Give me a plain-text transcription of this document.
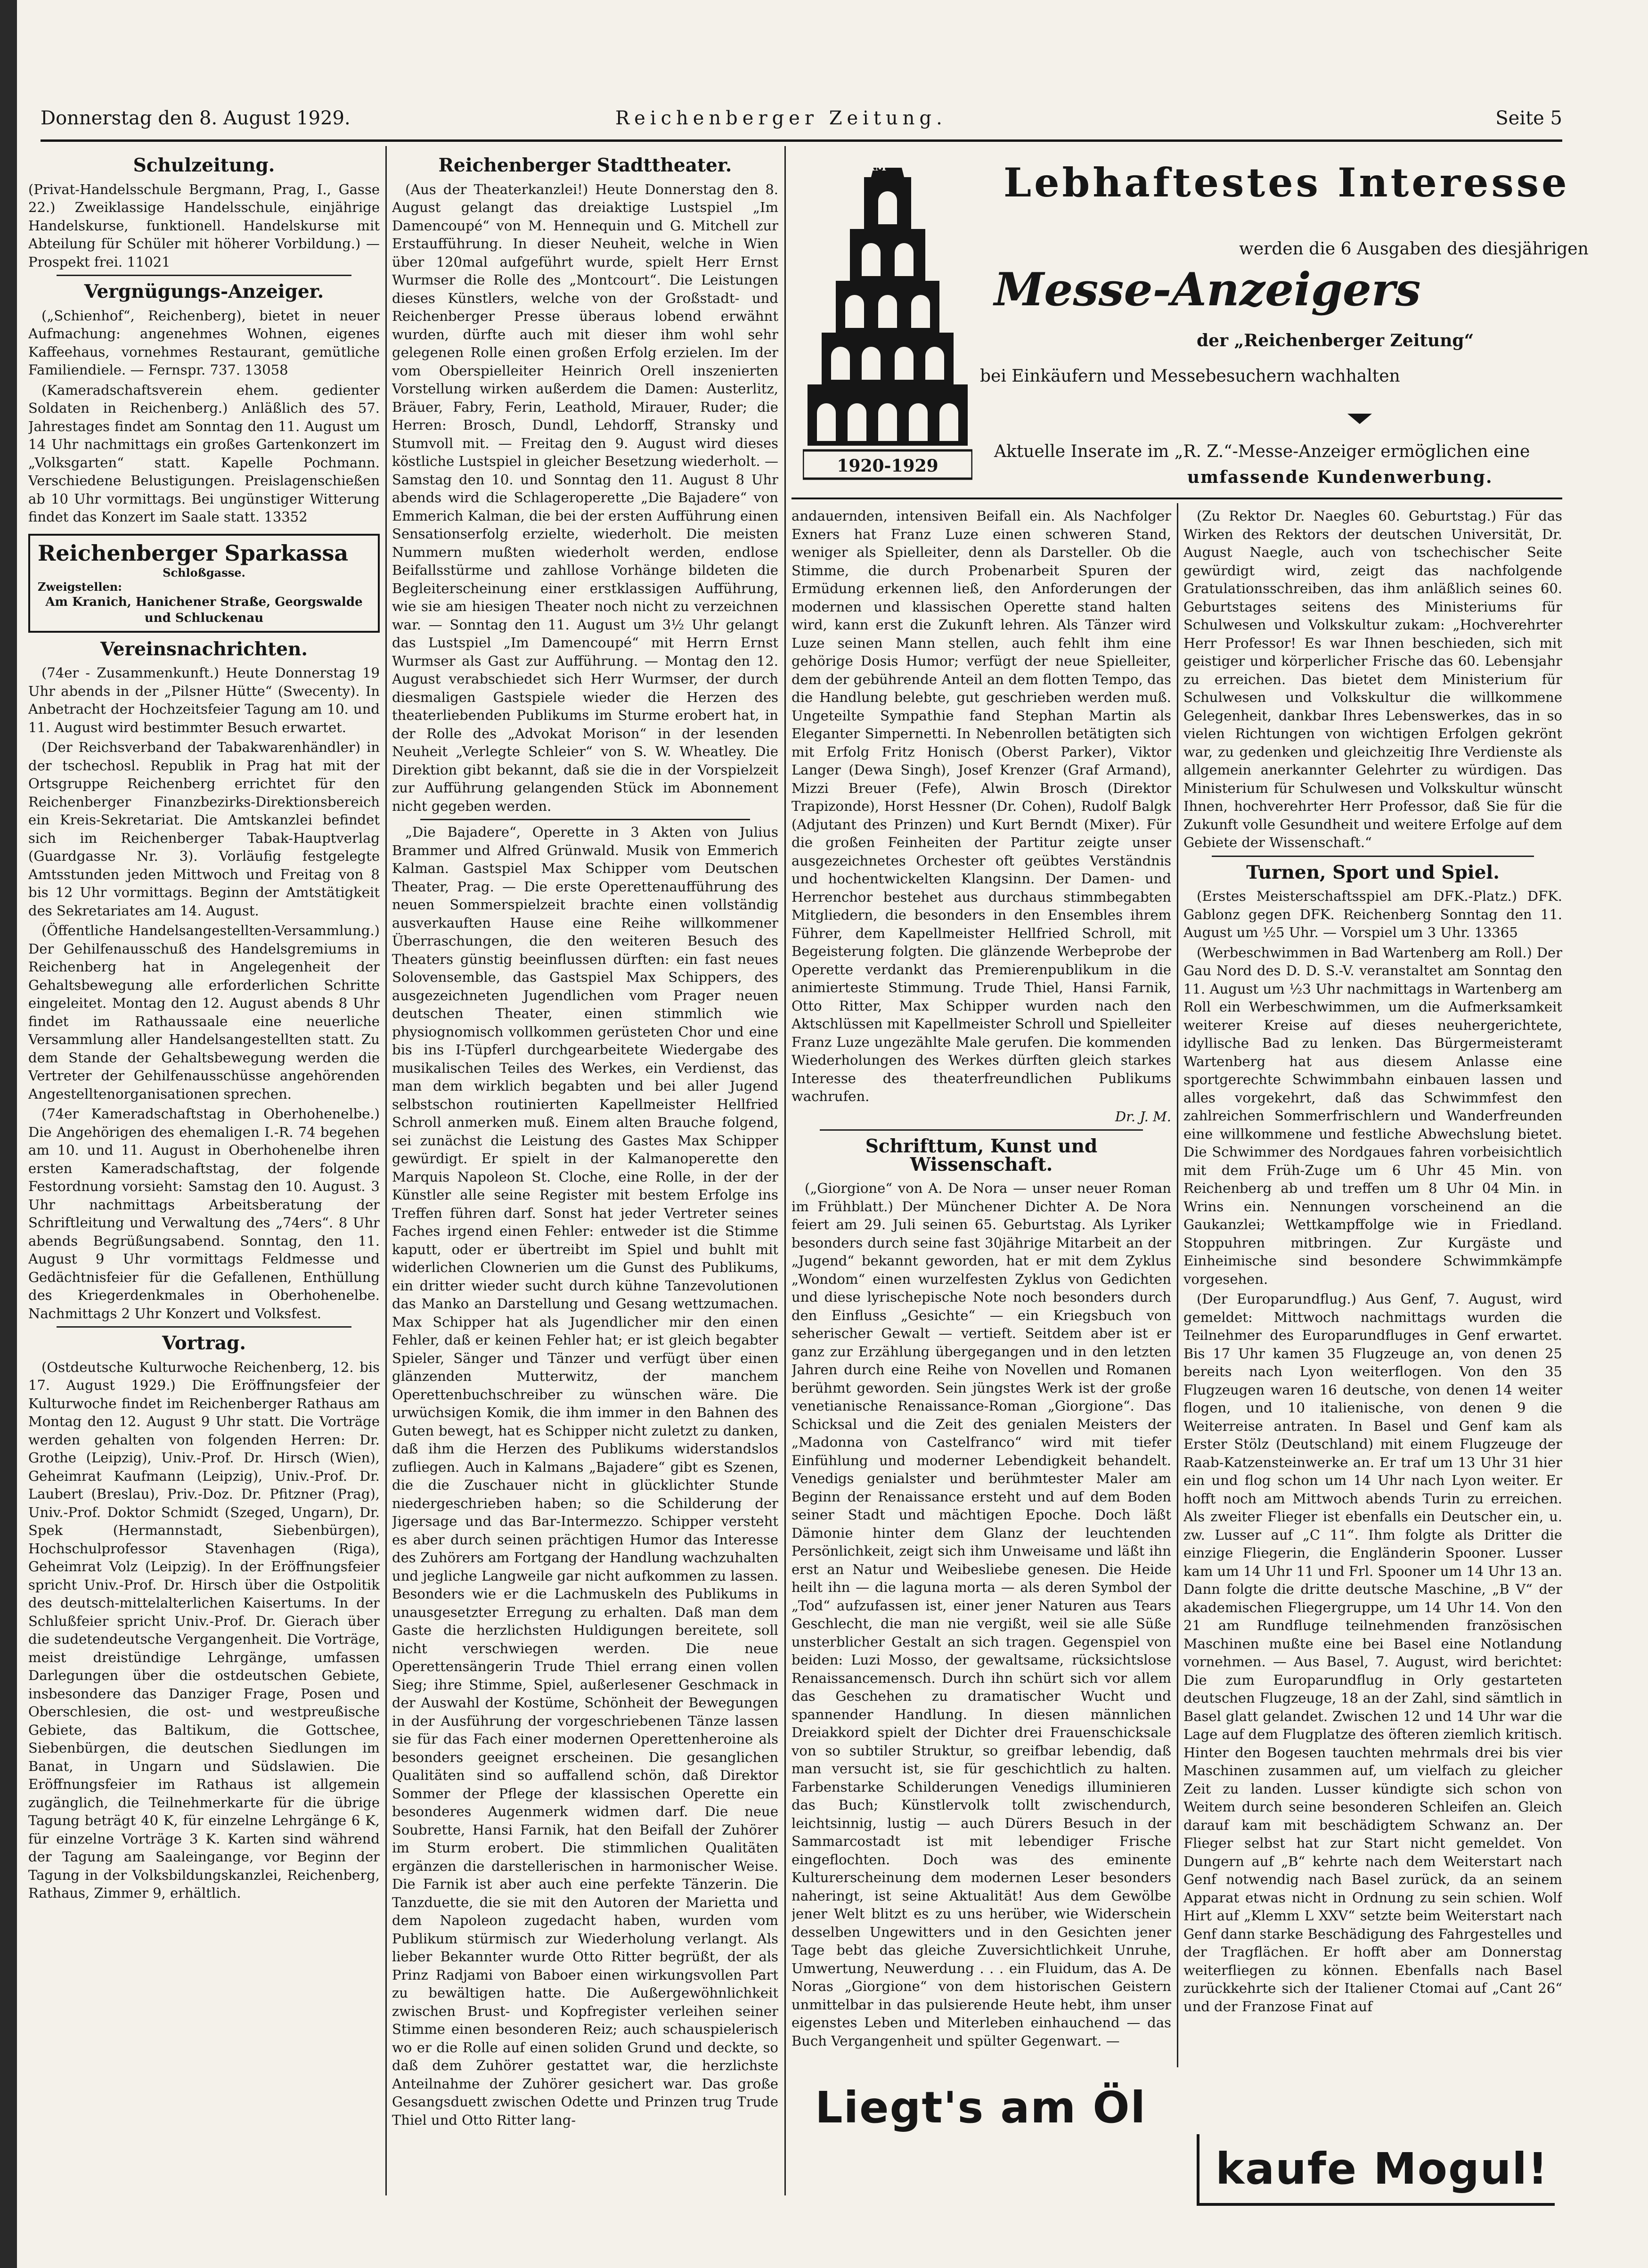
Donnerstag den 8. August 1929.	Reichenberger Zeitung.	Seite 5
Schulzeitung.

(Privat-Handelsschule Bergmann, Prag, I., Gasse 22.) Zweiklassige Handelsschule, einjährige Handelskurse, funktionell. Handelskurse mit Abteilung für Schüler mit höherer Vorbildung.) — Prospekt frei. 11021

Vergnügungs-Anzeiger.

(„Schienhof“, Reichenberg), bietet in neuer Aufmachung: angenehmes Wohnen, eigenes Kaffeehaus, vornehmes Restaurant, gemütliche Familiendiele. — Fernspr. 737. 13058

(Kameradschaftsverein ehem. gedienter Soldaten in Reichenberg.) Anläßlich des 57. Jahrestages findet am Sonntag den 11. August um 14 Uhr nachmittags ein großes Gartenkonzert im „Volksgarten“ statt. Kapelle Pochmann. Verschiedene Belustigungen. Preislagenschießen ab 10 Uhr vormittags. Bei ungünstiger Witterung findet das Konzert im Saale statt. 13352

Reichenberger Sparkassa
Schloßgasse.
Zweigstellen:
Am Kranich, Hanichener Straße, Georgswalde und Schluckenau
Vereinsnachrichten.

(74er - Zusammenkunft.) Heute Donnerstag 19 Uhr abends in der „Pilsner Hütte“ (Swecenty). In Anbetracht der Hochzeitsfeier Tagung am 10. und 11. August wird bestimmter Besuch erwartet.

(Der Reichsverband der Tabakwarenhändler) in der tschechosl. Republik in Prag hat mit der Ortsgruppe Reichenberg errichtet für den Reichenberger Finanzbezirks-Direktionsbereich ein Kreis-Sekretariat. Die Amtskanzlei befindet sich im Reichenberger Tabak-Hauptverlag (Guardgasse Nr. 3). Vorläufig festgelegte Amtsstunden jeden Mittwoch und Freitag von 8 bis 12 Uhr vormittags. Beginn der Amtstätigkeit des Sekretariates am 14. August.

(Öffentliche Handelsangestellten-Versammlung.) Der Gehilfenausschuß des Handelsgremiums in Reichenberg hat in Angelegenheit der Gehaltsbewegung alle erforderlichen Schritte eingeleitet. Montag den 12. August abends 8 Uhr findet im Rathaussaale eine neuerliche Versammlung aller Handelsangestellten statt. Zu dem Stande der Gehaltsbewegung werden die Vertreter der Gehilfenausschüsse angehörenden Angestelltenorganisationen sprechen.

(74er Kameradschaftstag in Oberhohenelbe.) Die Angehörigen des ehemaligen I.-R. 74 begehen am 10. und 11. August in Oberhohenelbe ihren ersten Kameradschaftstag, der folgende Festordnung vorsieht: Samstag den 10. August. 3 Uhr nachmittags Arbeitsberatung der Schriftleitung und Verwaltung des „74ers“. 8 Uhr abends Begrüßungsabend. Sonntag, den 11. August 9 Uhr vormittags Feldmesse und Gedächtnisfeier für die Gefallenen, Enthüllung des Kriegerdenkmales in Oberhohenelbe. Nachmittags 2 Uhr Konzert und Volksfest.

Vortrag.

(Ostdeutsche Kulturwoche Reichenberg, 12. bis 17. August 1929.) Die Eröffnungsfeier der Kulturwoche findet im Reichenberger Rathaus am Montag den 12. August 9 Uhr statt. Die Vorträge werden gehalten von folgenden Herren: Dr. Grothe (Leipzig), Univ.-Prof. Dr. Hirsch (Wien), Geheimrat Kaufmann (Leipzig), Univ.-Prof. Dr. Laubert (Breslau), Priv.-Doz. Dr. Pfitzner (Prag), Univ.-Prof. Doktor Schmidt (Szeged, Ungarn), Dr. Spek (Hermannstadt, Siebenbürgen), Hochschulprofessor Stavenhagen (Riga), Geheimrat Volz (Leipzig). In der Eröffnungsfeier spricht Univ.-Prof. Dr. Hirsch über die Ostpolitik des deutsch-mittelalterlichen Kaisertums. In der Schlußfeier spricht Univ.-Prof. Dr. Gierach über die sudetendeutsche Vergangenheit. Die Vorträge, meist dreistündige Lehrgänge, umfassen Darlegungen über die ostdeutschen Gebiete, insbesondere das Danziger Frage, Posen und Oberschlesien, die ost- und westpreußische Gebiete, das Baltikum, die Gottschee, Siebenbürgen, die deutschen Siedlungen im Banat, in Ungarn und Südslawien. Die Eröffnungsfeier im Rathaus ist allgemein zugänglich, die Teilnehmerkarte für die übrige Tagung beträgt 40 K, für einzelne Lehrgänge 6 K, für einzelne Vorträge 3 K. Karten sind während der Tagung am Saaleingange, vor Beginn der Tagung in der Volksbildungskanzlei, Reichenberg, Rathaus, Zimmer 9, erhältlich.

Reichenberger Stadttheater.

(Aus der Theaterkanzlei!) Heute Donnerstag den 8. August gelangt das dreiaktige Lustspiel „Im Damencoupé“ von M. Hennequin und G. Mitchell zur Erstaufführung. In dieser Neuheit, welche in Wien über 120mal aufgeführt wurde, spielt Herr Ernst Wurmser die Rolle des „Montcourt“. Die Leistungen dieses Künstlers, welche von der Großstadt- und Reichenberger Presse überaus lobend erwähnt wurden, dürfte auch mit dieser ihm wohl sehr gelegenen Rolle einen großen Erfolg erzielen. Im der vom Oberspielleiter Heinrich Orell inszenierten Vorstellung wirken außerdem die Damen: Austerlitz, Bräuer, Fabry, Ferin, Leathold, Mirauer, Ruder; die Herren: Brosch, Dundl, Lehdorff, Stransky und Stumvoll mit. — Freitag den 9. August wird dieses köstliche Lustspiel in gleicher Besetzung wiederholt. — Samstag den 10. und Sonntag den 11. August 8 Uhr abends wird die Schlageroperette „Die Bajadere“ von Emmerich Kalman, die bei der ersten Aufführung einen Sensationserfolg erzielte, wiederholt. Die meisten Nummern mußten wiederholt werden, endlose Beifallsstürme und zahllose Vorhänge bildeten die Begleiterscheinung einer erstklassigen Aufführung, wie sie am hiesigen Theater noch nicht zu verzeichnen war. — Sonntag den 11. August um 3½ Uhr gelangt das Lustspiel „Im Damencoupé“ mit Herrn Ernst Wurmser als Gast zur Aufführung. — Montag den 12. August verabschiedet sich Herr Wurmser, der durch diesmaligen Gastspiele wieder die Herzen des theaterliebenden Publikums im Sturme erobert hat, in der Rolle des „Advokat Morison“ in der lesenden Neuheit „Verlegte Schleier“ von S. W. Wheatley. Die Direktion gibt bekannt, daß sie die in der Vorspielzeit zur Aufführung gelangenden Stück im Abonnement nicht gegeben werden.

„Die Bajadere“, Operette in 3 Akten von Julius Brammer und Alfred Grünwald. Musik von Emmerich Kalman. Gastspiel Max Schipper vom Deutschen Theater, Prag. — Die erste Operettenaufführung des neuen Sommerspielzeit brachte einen vollständig ausverkauften Hause eine Reihe willkommener Überraschungen, die den weiteren Besuch des Theaters günstig beeinflussen dürften: ein fast neues Solovensemble, das Gastspiel Max Schippers, des ausgezeichneten Jugendlichen vom Prager neuen deutschen Theater, einen stimmlich wie physiognomisch vollkommen gerüsteten Chor und eine bis ins I-Tüpferl durchgearbeitete Wiedergabe des musikalischen Teiles des Werkes, ein Verdienst, das man dem wirklich begabten und bei aller Jugend selbstschon routinierten Kapellmeister Hellfried Schroll anmerken muß. Einem alten Brauche folgend, sei zunächst die Leistung des Gastes Max Schipper gewürdigt. Er spielt in der Kalmanoperette den Marquis Napoleon St. Cloche, eine Rolle, in der der Künstler alle seine Register mit bestem Erfolge ins Treffen führen darf. Sonst hat jeder Vertreter seines Faches irgend einen Fehler: entweder ist die Stimme kaputt, oder er übertreibt im Spiel und buhlt mit widerlichen Clownerien um die Gunst des Publikums, ein dritter wieder sucht durch kühne Tanzevolutionen das Manko an Darstellung und Gesang wettzumachen. Max Schipper hat als Jugendlicher mir den einen Fehler, daß er keinen Fehler hat; er ist gleich begabter Spieler, Sänger und Tänzer und verfügt über einen glänzenden Mutterwitz, der manchem Operettenbuchschreiber zu wünschen wäre. Die urwüchsigen Komik, die ihm immer in den Bahnen des Guten bewegt, hat es Schipper nicht zuletzt zu danken, daß ihm die Herzen des Publikums widerstandslos zufliegen. Auch in Kalmans „Bajadere“ gibt es Szenen, die die Zuschauer nicht in glücklichter Stunde niedergeschrieben haben; so die Schilderung der Jigersage und das Bar-Intermezzo. Schipper versteht es aber durch seinen prächtigen Humor das Interesse des Zuhörers am Fortgang der Handlung wachzuhalten und jegliche Langweile gar nicht aufkommen zu lassen. Besonders wie er die Lachmuskeln des Publikums in unausgesetzter Erregung zu erhalten. Daß man dem Gaste die herzlichsten Huldigungen bereitete, soll nicht verschwiegen werden. Die neue Operettensängerin Trude Thiel errang einen vollen Sieg; ihre Stimme, Spiel, außerlesener Geschmack in der Auswahl der Kostüme, Schönheit der Bewegungen in der Ausführung der vorgeschriebenen Tänze lassen sie für das Fach einer modernen Operettenheroine als besonders geeignet erscheinen. Die gesanglichen Qualitäten sind so auffallend schön, daß Direktor Sommer der Pflege der klassischen Operette ein besonderes Augenmerk widmen darf. Die neue Soubrette, Hansi Farnik, hat den Beifall der Zuhörer im Sturm erobert. Die stimmlichen Qualitäten ergänzen die darstellerischen in harmonischer Weise. Die Farnik ist aber auch eine perfekte Tänzerin. Die Tanzduette, die sie mit den Autoren der Marietta und dem Napoleon zugedacht haben, wurden vom Publikum stürmisch zur Wiederholung verlangt. Als lieber Bekannter wurde Otto Ritter begrüßt, der als Prinz Radjami von Baboer einen wirkungsvollen Part zu bewältigen hatte. Die Außergewöhnlichkeit zwischen Brust- und Kopfregister verleihen seiner Stimme einen besonderen Reiz; auch schauspielerisch wo er die Rolle auf einen soliden Grund und deckte, so daß dem Zuhörer gestattet war, die herzlichste Anteilnahme der Zuhörer gesichert war. Das große Gesangsduett zwischen Odette und Prinzen trug Trude Thiel und Otto Ritter lang-

RM
1920-1929
Lebhaftestes Interesse
werden die 6 Ausgaben des diesjährigen
Messe-Anzeigers
der „Reichenberger Zeitung“
bei Einkäufern und Messebesuchern wachhalten
Aktuelle Inserate im „R. Z.“-Messe-Anzeiger ermöglichen eine
umfassende Kundenwerbung.

andauernden, intensiven Beifall ein. Als Nachfolger Exners hat Franz Luze einen schweren Stand, weniger als Spielleiter, denn als Darsteller. Ob die Stimme, die durch Probenarbeit Spuren der Ermüdung erkennen ließ, den Anforderungen der modernen und klassischen Operette stand halten wird, kann erst die Zukunft lehren. Als Tänzer wird Luze seinen Mann stellen, auch fehlt ihm eine gehörige Dosis Humor; verfügt der neue Spielleiter, dem der gebührende Anteil an dem flotten Tempo, das die Handlung belebte, gut geschrieben werden muß. Ungeteilte Sympathie fand Stephan Martin als Eleganter Simpernetti. In Nebenrollen betätigten sich mit Erfolg Fritz Honisch (Oberst Parker), Viktor Langer (Dewa Singh), Josef Krenzer (Graf Armand), Mizzi Breuer (Fefe), Alwin Brosch (Direktor Trapizonde), Horst Hessner (Dr. Cohen), Rudolf Balgk (Adjutant des Prinzen) und Kurt Berndt (Mixer). Für die großen Feinheiten der Partitur zeigte unser ausgezeichnetes Orchester oft geübtes Verständnis und hochentwickelten Klangsinn. Der Damen- und Herrenchor bestehet aus durchaus stimmbegabten Mitgliedern, die besonders in den Ensembles ihrem Führer, dem Kapellmeister Hellfried Schroll, mit Begeisterung folgten. Die glänzende Werbeprobe der Operette verdankt das Premierenpublikum in die animierteste Stimmung. Trude Thiel, Hansi Farnik, Otto Ritter, Max Schipper wurden nach den Aktschlüssen mit Kapellmeister Schroll und Spielleiter Franz Luze ungezählte Male gerufen. Die kommenden Wiederholungen des Werkes dürften gleich starkes Interesse des theaterfreundlichen Publikums wachrufen.

Dr. J. M.

Schrifttum, Kunst und Wissenschaft.

(„Giorgione“ von A. De Nora — unser neuer Roman im Frühblatt.) Der Münchener Dichter A. De Nora feiert am 29. Juli seinen 65. Geburtstag. Als Lyriker besonders durch seine fast 30jährige Mitarbeit an der „Jugend“ bekannt geworden, hat er mit dem Zyklus „Wondom“ einen wurzelfesten Zyklus von Gedichten und diese lyrischepische Note noch besonders durch den Einfluss „Gesichte“ — ein Kriegsbuch von seherischer Gewalt — vertieft. Seitdem aber ist er ganz zur Erzählung übergegangen und in den letzten Jahren durch eine Reihe von Novellen und Romanen berühmt geworden. Sein jüngstes Werk ist der große venetianische Renaissance-Roman „Giorgione“. Das Schicksal und die Zeit des genialen Meisters der „Madonna von Castelfranco“ wird mit tiefer Einfühlung und moderner Lebendigkeit behandelt. Venedigs genialster und berühmtester Maler am Beginn der Renaissance ersteht und auf dem Boden seiner Stadt und mächtigen Epoche. Doch läßt Dämonie hinter dem Glanz der leuchtenden Persönlichkeit, zeigt sich ihm Unweisame und läßt ihn erst an Natur und Weibesliebe genesen. Die Heide heilt ihn — die laguna morta — als deren Symbol der „Tod“ aufzufassen ist, einer jener Naturen aus Tears Geschlecht, die man nie vergißt, weil sie alle Süße unsterblicher Gestalt an sich tragen. Gegenspiel von beiden: Luzi Mosso, der gewaltsame, rücksichtslose Renaissancemensch. Durch ihn schürt sich vor allem das Geschehen zu dramatischer Wucht und spannender Handlung. In diesen männlichen Dreiakkord spielt der Dichter drei Frauenschicksale von so subtiler Struktur, so greifbar lebendig, daß man versucht ist, sie für geschichtlich zu halten. Farbenstarke Schilderungen Venedigs illuminieren das Buch; Künstlervolk tollt zwischendurch, leichtsinnig, lustig — auch Dürers Besuch in der Sammarcostadt ist mit lebendiger Frische eingeflochten. Doch was des eminente Kulturerscheinung dem modernen Leser besonders naheringt, ist seine Aktualität! Aus dem Gewölbe jener Welt blitzt es zu uns herüber, wie Widerschein desselben Ungewitters und in den Gesichten jener Tage bebt das gleiche Zuversichtlichkeit Unruhe, Umwertung, Neuwerdung . . . ein Fluidum, das A. De Noras „Giorgione“ von dem historischen Geistern unmittelbar in das pulsierende Heute hebt, ihm unser eigenstes Leben und Miterleben einhauchend — das Buch Vergangenheit und spülter Gegenwart. —

(Zu Rektor Dr. Naegles 60. Geburtstag.) Für das Wirken des Rektors der deutschen Universität, Dr. August Naegle, auch von tschechischer Seite gewürdigt wird, zeigt das nachfolgende Gratulationsschreiben, das ihm anläßlich seines 60. Geburtstages seitens des Ministeriums für Schulwesen und Volkskultur zukam: „Hochverehrter Herr Professor! Es war Ihnen beschieden, sich mit geistiger und körperlicher Frische das 60. Lebensjahr zu erreichen. Das bietet dem Ministerium für Schulwesen und Volkskultur die willkommene Gelegenheit, dankbar Ihres Lebenswerkes, das in so vielen Richtungen von wichtigen Erfolgen gekrönt war, zu gedenken und gleichzeitig Ihre Verdienste als allgemein anerkannter Gelehrter zu würdigen. Das Ministerium für Schulwesen und Volkskultur wünscht Ihnen, hochverehrter Herr Professor, daß Sie für die Zukunft volle Gesundheit und weitere Erfolge auf dem Gebiete der Wissenschaft.“

Turnen, Sport und Spiel.

(Erstes Meisterschaftsspiel am DFK.-Platz.) DFK. Gablonz gegen DFK. Reichenberg Sonntag den 11. August um ½5 Uhr. — Vorspiel um 3 Uhr. 13365

(Werbeschwimmen in Bad Wartenberg am Roll.) Der Gau Nord des D. D. S.-V. veranstaltet am Sonntag den 11. August um ½3 Uhr nachmittags in Wartenberg am Roll ein Werbeschwimmen, um die Aufmerksamkeit weiterer Kreise auf dieses neuhergerichtete, idyllische Bad zu lenken. Das Bürgermeisteramt Wartenberg hat aus diesem Anlasse eine sportgerechte Schwimmbahn einbauen lassen und alles vorgekehrt, daß das Schwimmfest den zahlreichen Sommerfrischlern und Wanderfreunden eine willkommene und festliche Abwechslung bietet. Die Schwimmer des Nordgaues fahren vorbeisichtlich mit dem Früh-Zuge um 6 Uhr 45 Min. von Reichenberg ab und treffen um 8 Uhr 04 Min. in Wrins ein. Nennungen vorscheinend an die Gaukanzlei; Wettkampffolge wie in Friedland. Stoppuhren mitbringen. Zur Kurgäste und Einheimische sind besondere Schwimmkämpfe vorgesehen.

(Der Europarundflug.) Aus Genf, 7. August, wird gemeldet: Mittwoch nachmittags wurden die Teilnehmer des Europarundfluges in Genf erwartet. Bis 17 Uhr kamen 35 Flugzeuge an, von denen 25 bereits nach Lyon weiterflogen. Von den 35 Flugzeugen waren 16 deutsche, von denen 14 weiter flogen, und 10 italienische, von denen 9 die Weiterreise antraten. In Basel und Genf kam als Erster Stölz (Deutschland) mit einem Flugzeuge der Raab-Katzensteinwerke an. Er traf um 13 Uhr 31 hier ein und flog schon um 14 Uhr nach Lyon weiter. Er hofft noch am Mittwoch abends Turin zu erreichen. Als zweiter Flieger ist ebenfalls ein Deutscher ein, u. zw. Lusser auf „C 11“. Ihm folgte als Dritter die einzige Fliegerin, die Engländerin Spooner. Lusser kam um 14 Uhr 11 und Frl. Spooner um 14 Uhr 13 an. Dann folgte die dritte deutsche Maschine, „B V“ der akademischen Fliegergruppe, um 14 Uhr 14. Von den 21 am Rundfluge teilnehmenden französischen Maschinen mußte eine bei Basel eine Notlandung vornehmen. — Aus Basel, 7. August, wird berichtet: Die zum Europarundflug in Orly gestarteten deutschen Flugzeuge, 18 an der Zahl, sind sämtlich in Basel glatt gelandet. Zwischen 12 und 14 Uhr war die Lage auf dem Flugplatze des öfteren ziemlich kritisch. Hinter den Bogesen tauchten mehrmals drei bis vier Maschinen zusammen auf, um vielfach zu gleicher Zeit zu landen. Lusser kündigte sich schon von Weitem durch seine besonderen Schleifen an. Gleich darauf kam mit beschädigtem Schwanz an. Der Flieger selbst hat zur Start nicht gemeldet. Von Dungern auf „B“ kehrte nach dem Weiterstart nach Genf notwendig nach Basel zurück, da an seinem Apparat etwas nicht in Ordnung zu sein schien. Wolf Hirt auf „Klemm L XXV“ setzte beim Weiterstart nach Genf dann starke Beschädigung des Fahrgestelles und der Tragflächen. Er hofft aber am Donnerstag weiterfliegen zu können. Ebenfalls nach Basel zurückkehrte sich der Italiener Ctomai auf „Cant 26“ und der Franzose Finat auf

Liegt's am Öl
kaufe Mogul!
